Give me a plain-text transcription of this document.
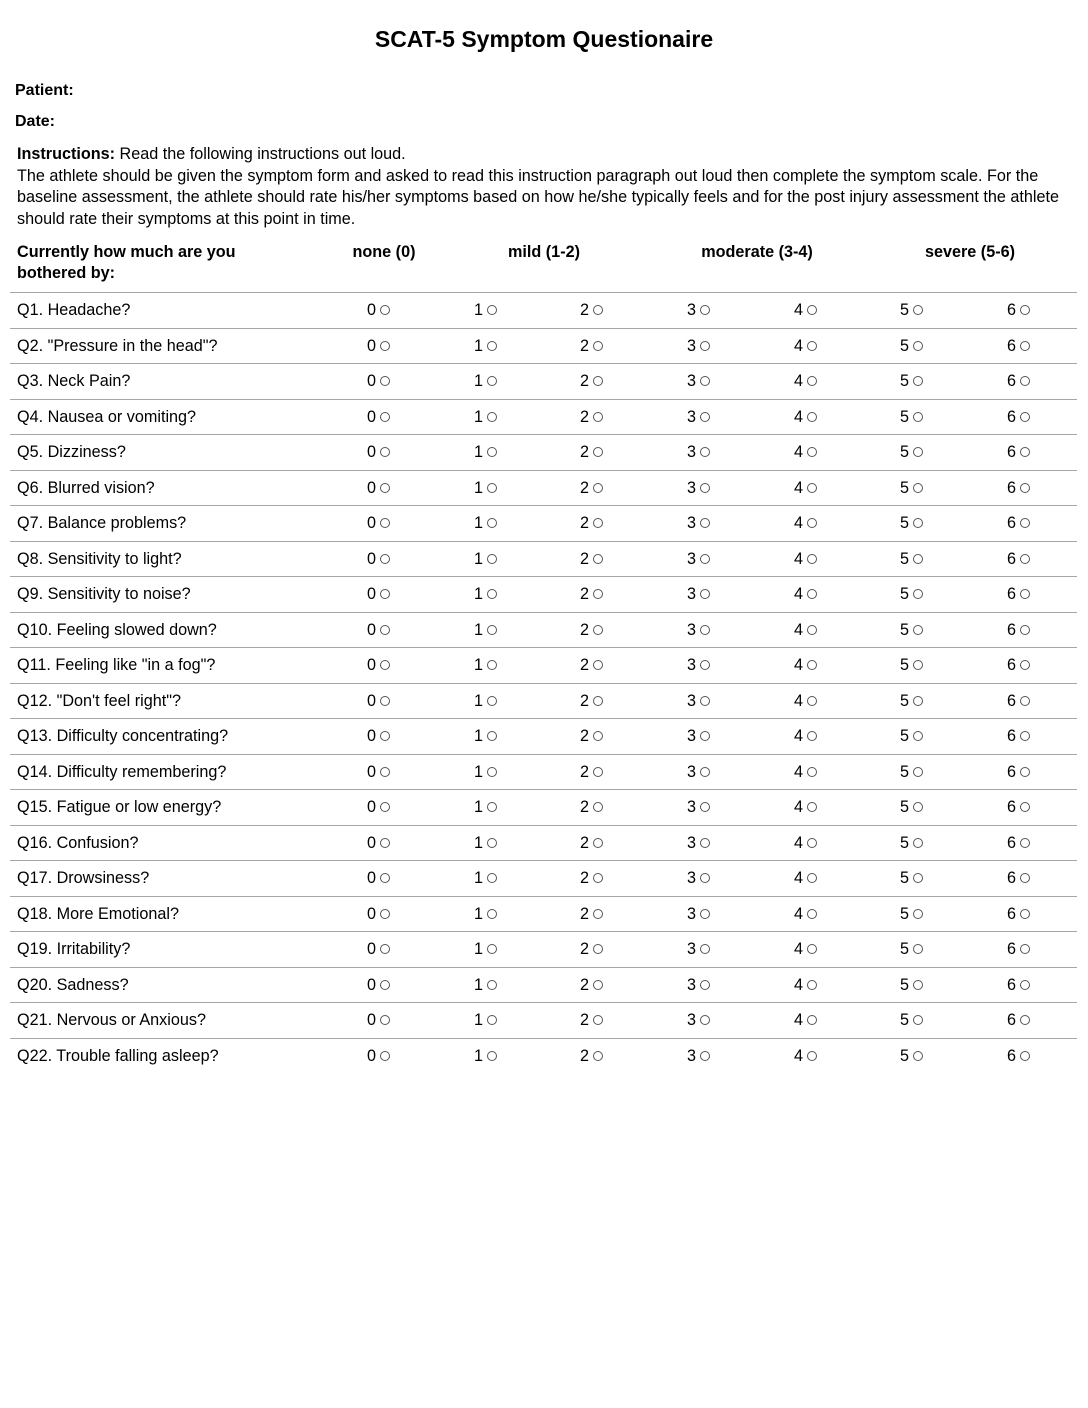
SCAT-5 Symptom Questionaire
Patient:
Date:
Instructions: Read the following instructions out loud.
The athlete should be given the symptom form and asked to read this instruction paragraph out loud then complete the symptom scale. For the baseline assessment, the athlete should rate his/her symptoms based on how he/she typically feels and for the post injury assessment the athlete should rate their symptoms at this point in time.
Currently how much are you bothered by:
none (0)	mild (1-2)	moderate (3-4)	severe (5-6)
Q1. Headache?	0	1	2	3	4	5	6
Q2. "Pressure in the head"?	0	1	2	3	4	5	6
Q3. Neck Pain?	0	1	2	3	4	5	6
Q4. Nausea or vomiting?	0	1	2	3	4	5	6
Q5. Dizziness?	0	1	2	3	4	5	6
Q6. Blurred vision?	0	1	2	3	4	5	6
Q7. Balance problems?	0	1	2	3	4	5	6
Q8. Sensitivity to light?	0	1	2	3	4	5	6
Q9. Sensitivity to noise?	0	1	2	3	4	5	6
Q10. Feeling slowed down?	0	1	2	3	4	5	6
Q11. Feeling like "in a fog"?	0	1	2	3	4	5	6
Q12. "Don't feel right"?	0	1	2	3	4	5	6
Q13. Difficulty concentrating?	0	1	2	3	4	5	6
Q14. Difficulty remembering?	0	1	2	3	4	5	6
Q15. Fatigue or low energy?	0	1	2	3	4	5	6
Q16. Confusion?	0	1	2	3	4	5	6
Q17. Drowsiness?	0	1	2	3	4	5	6
Q18. More Emotional?	0	1	2	3	4	5	6
Q19. Irritability?	0	1	2	3	4	5	6
Q20. Sadness?	0	1	2	3	4	5	6
Q21. Nervous or Anxious?	0	1	2	3	4	5	6
Q22. Trouble falling asleep?	0	1	2	3	4	5	6
